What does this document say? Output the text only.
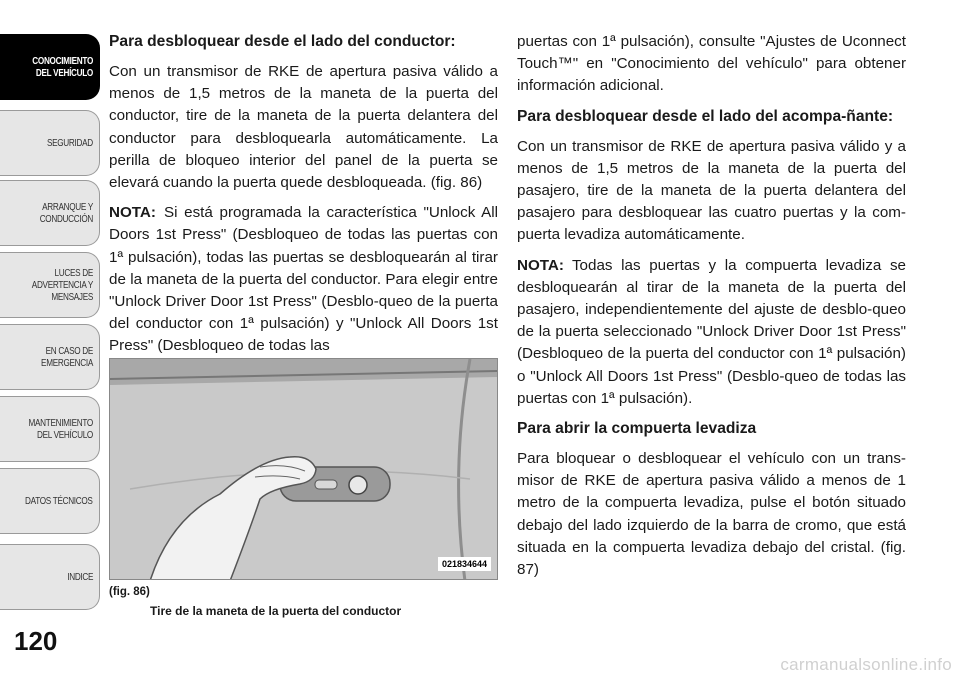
CONOCIMIENTO DEL VEHÍCULO
SEGURIDAD
ARRANQUE Y CONDUCCIÓN
LUCES DE ADVERTENCIA Y MENSAJES
EN CASO DE EMERGENCIA
MANTENIMIENTO DEL VEHÍCULO
DATOS TÉCNICOS
INDICE
120
Para desbloquear desde el lado del conductor:

Con un transmisor de RKE de apertura pasiva válido a menos de 1,5 metros de la maneta de la puerta del conductor, tire de la maneta de la puerta delantera del conductor para desbloquearla automáticamente. La perilla de bloqueo interior del panel de la puerta se elevará cuando la puerta quede desbloqueada. (fig. 86)

NOTA: Si está programada la característica "Unlock All Doors 1st Press" (Desbloqueo de todas las puertas con 1ª pulsación), todas las puertas se desbloquearán al tirar de la maneta de la puerta del conductor. Para elegir entre "Unlock Driver Door 1st Press" (Desblo-queo de la puerta del conductor con 1ª pulsación) y "Unlock All Doors 1st Press" (Desbloqueo de todas las

021834644
(fig. 86)
Tire de la maneta de la puerta del conductor

puertas con 1ª pulsación), consulte "Ajustes de Uconnect Touch™" en "Conocimiento del vehículo" para obtener información adicional.

Para desbloquear desde el lado del acompa-ñante:

Con un transmisor de RKE de apertura pasiva válido y a menos de 1,5 metros de la maneta de la puerta del pasajero, tire de la maneta de la puerta delantera del pasajero para desbloquear las cuatro puertas y la com-puerta levadiza automáticamente.

NOTA: Todas las puertas y la compuerta levadiza se desbloquearán al tirar de la maneta de la puerta del pasajero, independientemente del ajuste de desblo-queo de la puerta seleccionado "Unlock Driver Door 1st Press" (Desbloqueo de la puerta del conductor con 1ª pulsación) o "Unlock All Doors 1st Press" (Desblo-queo de todas las puertas con 1ª pulsación).

Para abrir la compuerta levadiza

Para bloquear o desbloquear el vehículo con un trans-misor de RKE de apertura pasiva válido a menos de 1 metro de la compuerta levadiza, pulse el botón situado debajo del lado izquierdo de la barra de cromo, que está situada en la compuerta levadiza debajo del cristal. (fig. 87)

carmanualsonline.info
